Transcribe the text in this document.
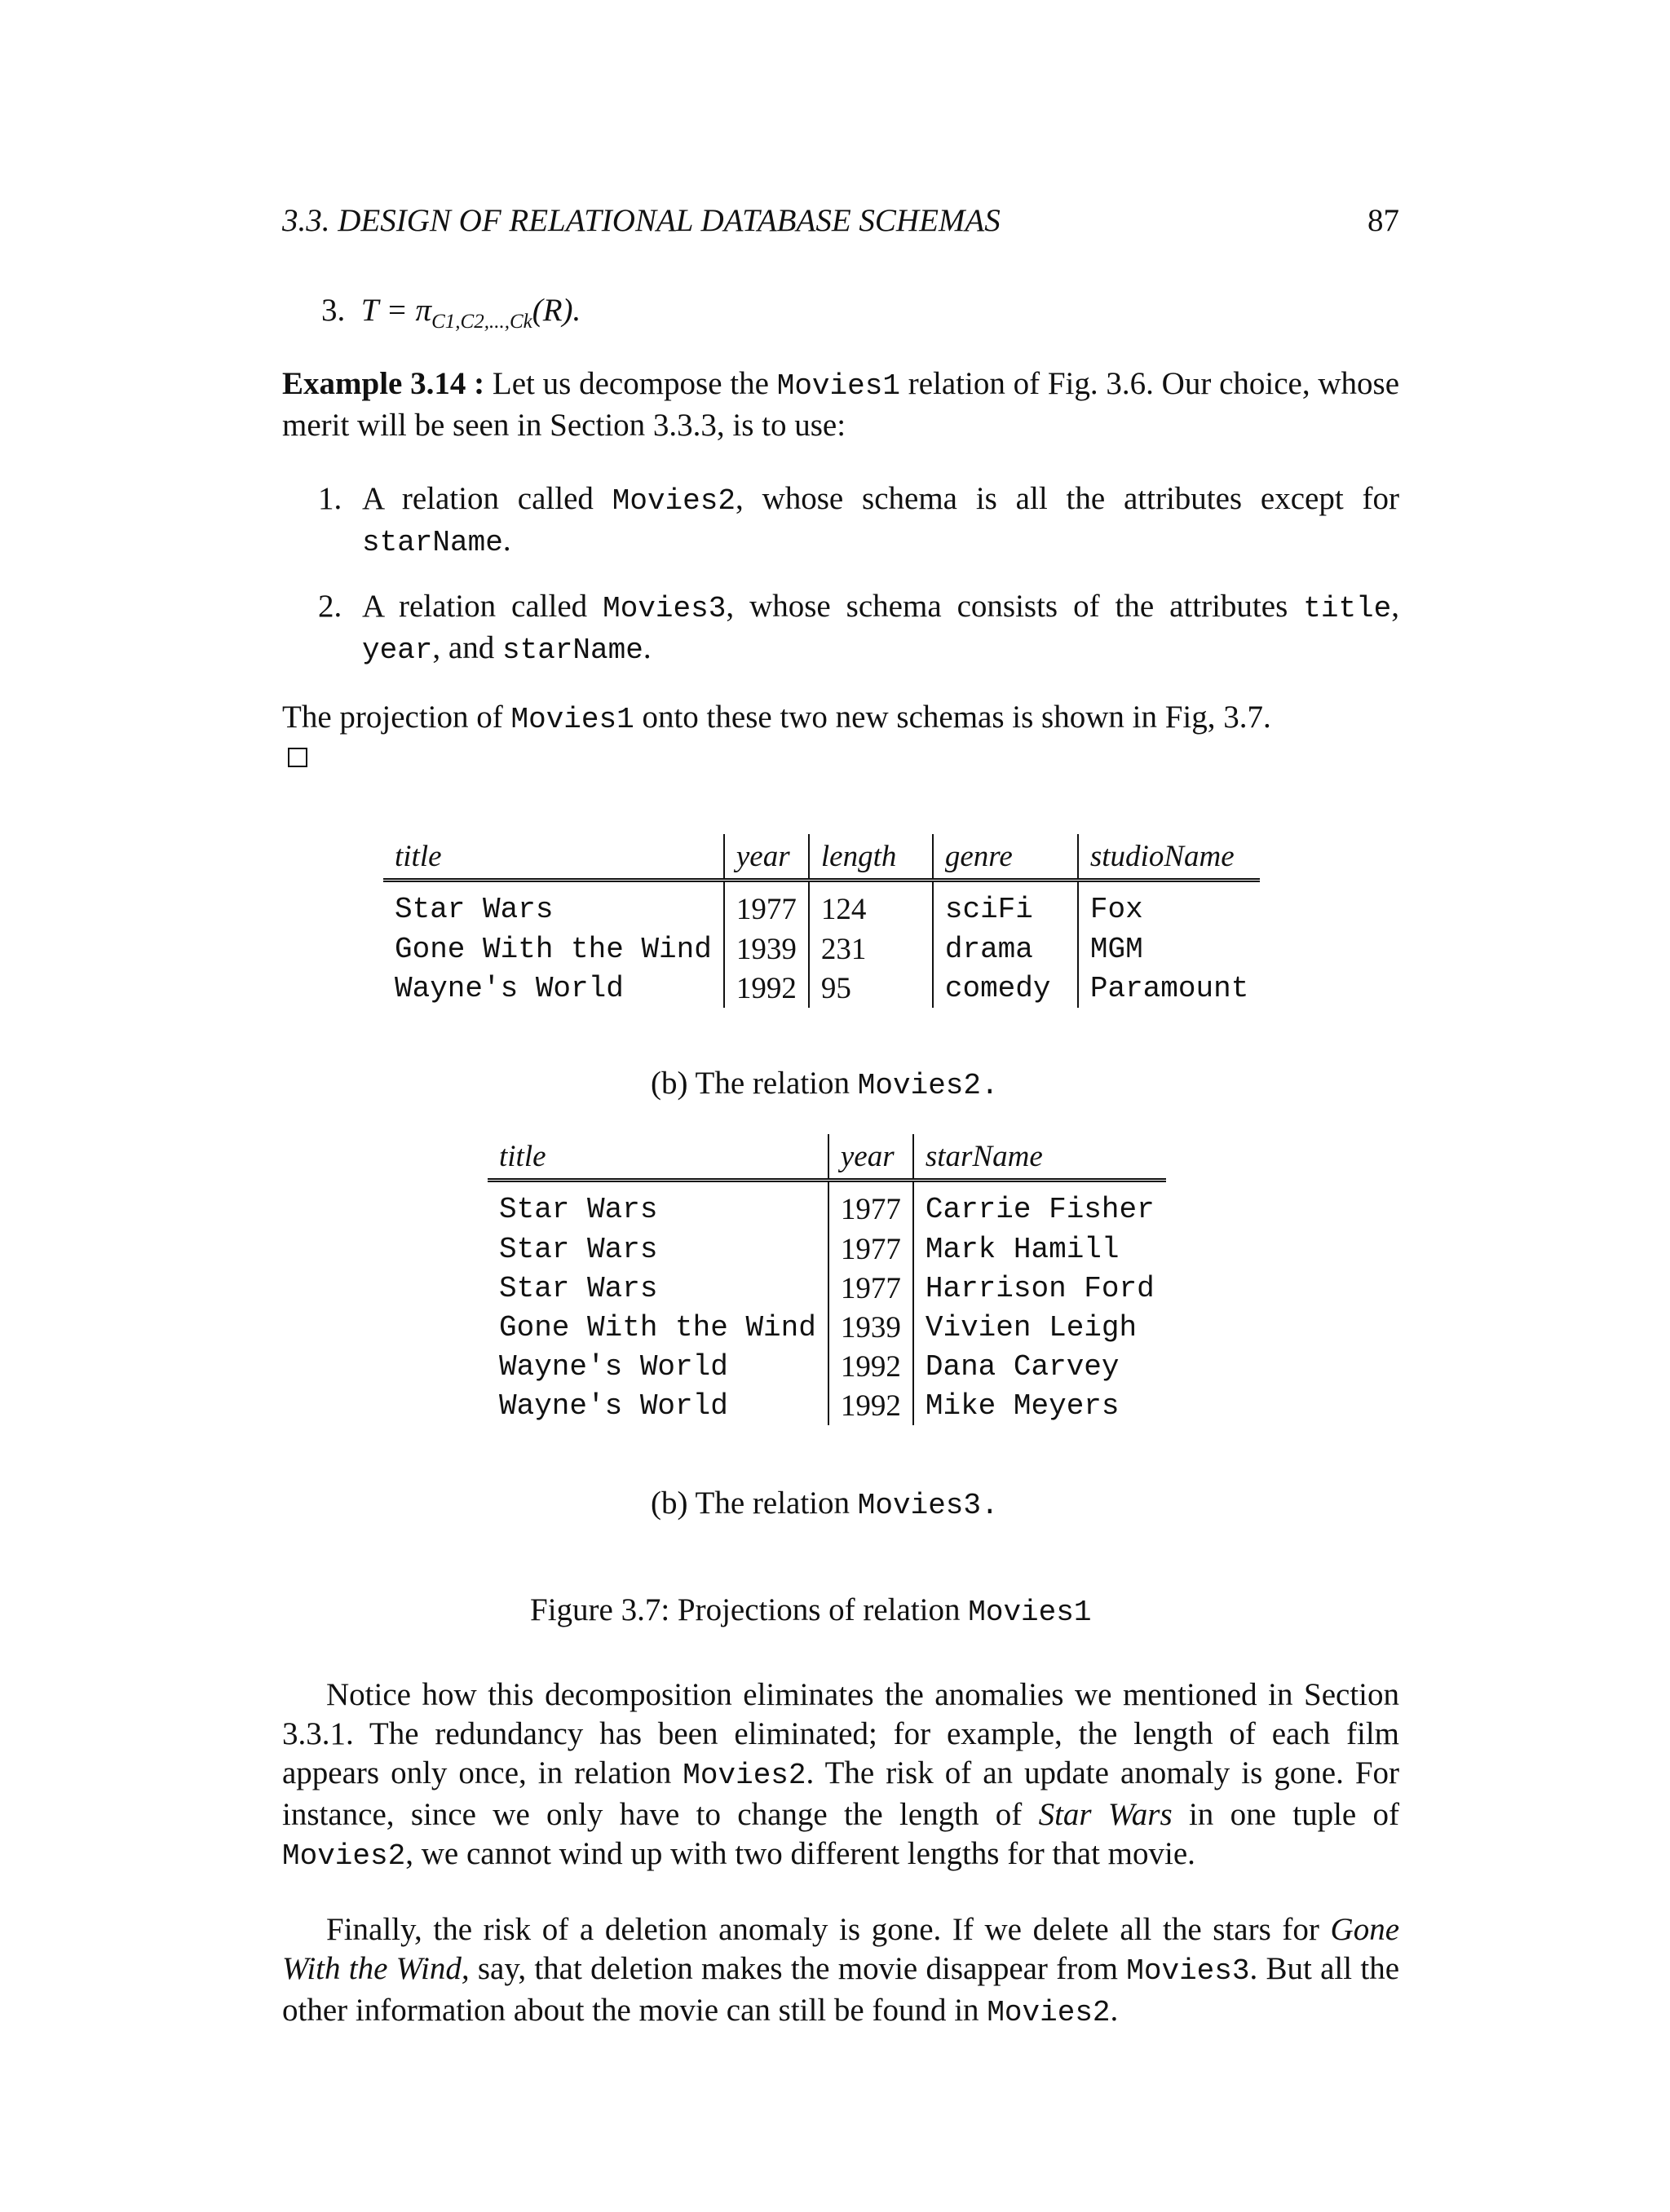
3.3. DESIGN OF RELATIONAL DATABASE SCHEMAS	87
3. $T = \pi_{C1,C2,...,Ck}(R)$.
Example 3.14 : Let us decompose the Movies1 relation of Fig. 3.6. Our choice, whose merit will be seen in Section 3.3.3, is to use:
1. A relation called Movies2, whose schema is all the attributes except for starName.
2. A relation called Movies3, whose schema consists of the attributes title, year, and starName.
The projection of Movies1 onto these two new schemas is shown in Fig, 3.7.
title	year	length	genre	studioName
Star Wars	1977	124	sciFi	Fox
Gone With the Wind	1939	231	drama	MGM
Wayne's World	1992	95	comedy	Paramount
(b) The relation Movies2.
title	year	starName
Star Wars	1977	Carrie Fisher
Star Wars	1977	Mark Hamill
Star Wars	1977	Harrison Ford
Gone With the Wind	1939	Vivien Leigh
Wayne's World	1992	Dana Carvey
Wayne's World	1992	Mike Meyers
(b) The relation Movies3.
Figure 3.7: Projections of relation Movies1
Notice how this decomposition eliminates the anomalies we mentioned in Section 3.3.1. The redundancy has been eliminated; for example, the length of each film appears only once, in relation Movies2. The risk of an update anomaly is gone. For instance, since we only have to change the length of Star Wars in one tuple of Movies2, we cannot wind up with two different lengths for that movie.
Finally, the risk of a deletion anomaly is gone. If we delete all the stars for Gone With the Wind, say, that deletion makes the movie disappear from Movies3. But all the other information about the movie can still be found in Movies2.
